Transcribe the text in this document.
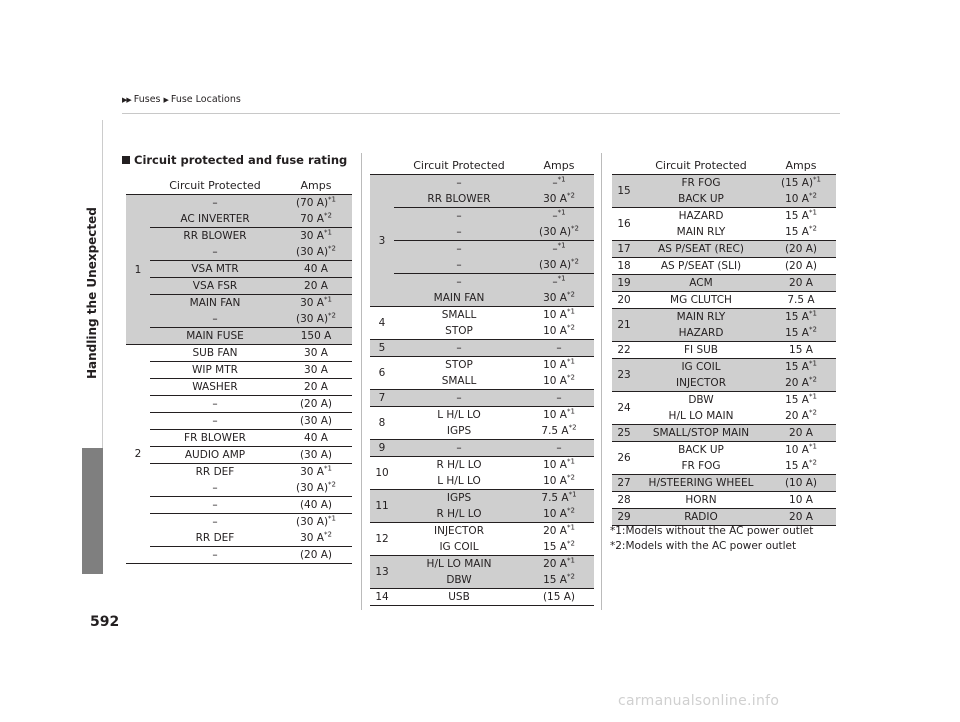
▶▶ Fuses ▶ Fuse Locations
Handling the Unexpected
592
Circuit protected and fuse rating
Circuit Protected	Amps
1
–	(70 A)$^{*1}$
AC INVERTER	70 $A^{*2}$
RR BLOWER	30 $A^{*1}$
–	(30 A)$^{*2}$
VSA MTR	40 A
VSA FSR	20 A
MAIN FAN	30 $A^{*1}$
–	(30 A)$^{*2}$
MAIN FUSE	150 A
2
SUB FAN	30 A
WIP MTR	30 A
WASHER	20 A
–	(20 A)
–	(30 A)
FR BLOWER	40 A
AUDIO AMP	(30 A)
RR DEF	30 $A^{*1}$
–	(30 A)$^{*2}$
–	(40 A)
–	(30 A)$^{*1}$
RR DEF	30 $A^{*2}$
–	(20 A)
Circuit Protected	Amps
3
–	–$^{*1}$
RR BLOWER	30 $A^{*2}$
–	–$^{*1}$
–	(30 A)$^{*2}$
–	–$^{*1}$
–	(30 A)$^{*2}$
–	–$^{*1}$
MAIN FAN	30 $A^{*2}$
4
SMALL	10 $A^{*1}$
STOP	10 $A^{*2}$
5	–	–
6
STOP	10 $A^{*1}$
SMALL	10 $A^{*2}$
7	–	–
8
L H/L LO	10 $A^{*1}$
IGPS	7.5 $A^{*2}$
9	–	–
10
R H/L LO	10 $A^{*1}$
L H/L LO	10 $A^{*2}$
11
IGPS	7.5 $A^{*1}$
R H/L LO	10 $A^{*2}$
12
INJECTOR	20 $A^{*1}$
IG COIL	15 $A^{*2}$
13
H/L LO MAIN	20 $A^{*1}$
DBW	15 $A^{*2}$
14	USB	(15 A)
Circuit Protected	Amps
15
FR FOG	(15 A)$^{*1}$
BACK UP	10 $A^{*2}$
16
HAZARD	15 $A^{*1}$
MAIN RLY	15 $A^{*2}$
17	AS P/SEAT (REC)	(20 A)
18	AS P/SEAT (SLI)	(20 A)
19	ACM	20 A
20	MG CLUTCH	7.5 A
21
MAIN RLY	15 $A^{*1}$
HAZARD	15 $A^{*2}$
22	FI SUB	15 A
23
IG COIL	15 $A^{*1}$
INJECTOR	20 $A^{*2}$
24
DBW	15 $A^{*1}$
H/L LO MAIN	20 $A^{*2}$
25	SMALL/STOP MAIN	20 A
26
BACK UP	10 $A^{*1}$
FR FOG	15 $A^{*2}$
27	H/STEERING WHEEL	(10 A)
28	HORN	10 A
29	RADIO	20 A
*1:Models without the AC power outlet
*2:Models with the AC power outlet
carmanualsonline.info
